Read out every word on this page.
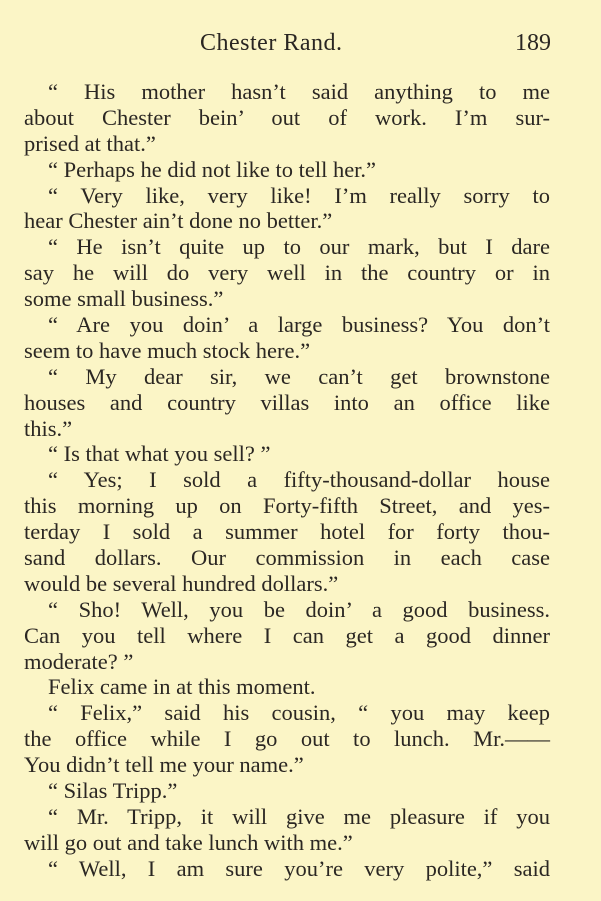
Chester Rand.	189
“ His mother hasn’t said anything to me
about Chester bein’ out of work. I’m sur-
prised at that.”
“ Perhaps he did not like to tell her.”
“ Very like, very like! I’m really sorry to
hear Chester ain’t done no better.”
“ He isn’t quite up to our mark, but I dare
say he will do very well in the country or in
some small business.”
“ Are you doin’ a large business? You don’t
seem to have much stock here.”
“ My dear sir, we can’t get brownstone
houses and country villas into an office like
this.”
“ Is that what you sell? ”
“ Yes; I sold a fifty-thousand-dollar house
this morning up on Forty-fifth Street, and yes-
terday I sold a summer hotel for forty thou-
sand dollars. Our commission in each case
would be several hundred dollars.”
“ Sho! Well, you be doin’ a good business.
Can you tell where I can get a good dinner
moderate? ”
Felix came in at this moment.
“ Felix,” said his cousin, “ you may keep
the office while I go out to lunch. Mr.——
You didn’t tell me your name.”
“ Silas Tripp.”
“ Mr. Tripp, it will give me pleasure if you
will go out and take lunch with me.”
“ Well, I am sure you’re very polite,” said
